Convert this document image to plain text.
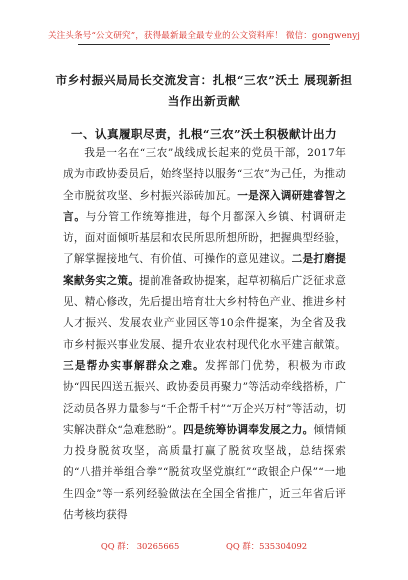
关注头条号“公文研究”，获得最新最全最专业的公文资料库！ 微信：gongwenyj
市乡村振兴局局长交流发言：扎根“三农”沃土 展现新担当作出新贡献
一、认真履职尽责，扎根“三农”沃土积极献计出力
我是一名在“三农”战线成长起来的党员干部，2017年成为市政协委员后，始终坚持以服务“三农”为己任，为推动全市脱贫攻坚、乡村振兴添砖加瓦。一是深入调研建睿智之言。与分管工作统筹推进，每个月都深入乡镇、村调研走访，面对面倾听基层和农民所思所想所盼，把握典型经验，了解掌握接地气、有价值、可操作的意见建议。二是打磨提案献务实之策。提前准备政协提案，起草初稿后广泛征求意见、精心修改，先后提出培育壮大乡村特色产业、推进乡村人才振兴、发展农业产业园区等10余件提案，为全省及我市乡村振兴事业发展、提升农业农村现代化水平建言献策。三是帮办实事解群众之难。发挥部门优势，积极为市政协“四民四送五振兴、政协委员再聚力”等活动牵线搭桥，广泛动员各界力量参与“千企帮千村”“万企兴万村”等活动，切实解决群众“急难愁盼”。四是统筹协调奉发展之力。倾情倾力投身脱贫攻坚，高质量打赢了脱贫攻坚战，总结探索的“八措并举组合拳”“脱贫攻坚党旗红”“政银企户保”“一地生四金”等一系列经验做法在全国全省推广，近三年省后评估考核均获得
QQ 群： 30265665	QQ 群：535304092
